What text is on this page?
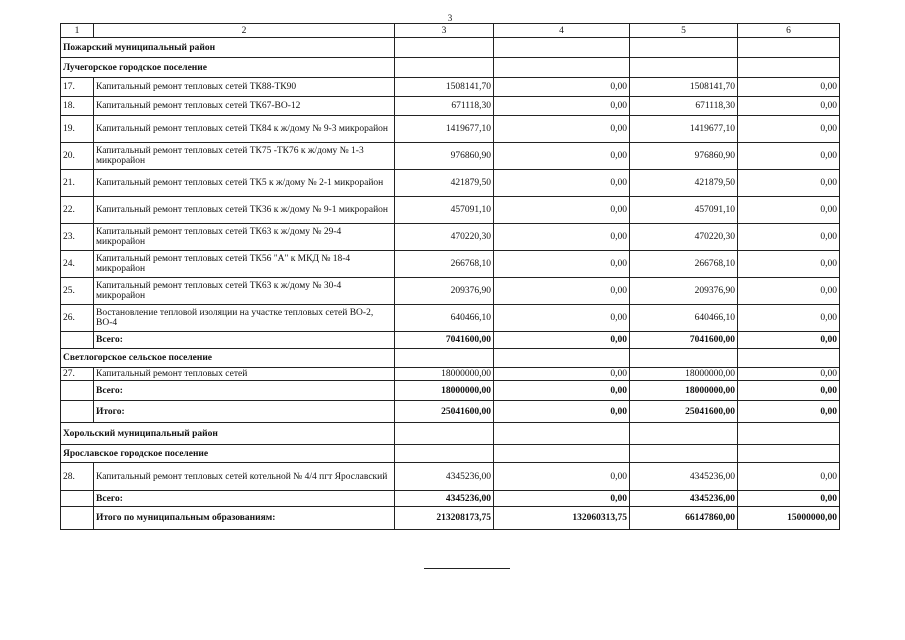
3
1	2	3	4	5	6
Пожарский муниципальный район					
Лучегорское городское поселение					
17.	Капитальный ремонт тепловых сетей ТК88-ТК90	1508141,70	0,00	1508141,70	0,00
18.	Капитальный ремонт тепловых сетей ТК67-ВО-12	671118,30	0,00	671118,30	0,00
19.	Капитальный ремонт тепловых сетей ТК84 к ж/дому № 9-3 микрорайон	1419677,10	0,00	1419677,10	0,00
20.	Капитальный ремонт тепловых сетей ТК75 -ТК76 к ж/дому № 1-3 микрорайон	976860,90	0,00	976860,90	0,00
21.	Капитальный ремонт тепловых сетей ТК5 к ж/дому № 2-1 микрорайон	421879,50	0,00	421879,50	0,00
22.	Капитальный ремонт тепловых сетей ТК36 к ж/дому № 9-1 микрорайон	457091,10	0,00	457091,10	0,00
23.	Капитальный ремонт тепловых сетей ТК63 к ж/дому № 29-4 микрорайон	470220,30	0,00	470220,30	0,00
24.	Капитальный ремонт тепловых сетей ТК56 "А" к МКД № 18-4 микрорайон	266768,10	0,00	266768,10	0,00
25.	Капитальный ремонт тепловых сетей ТК63 к ж/дому № 30-4 микрорайон	209376,90	0,00	209376,90	0,00
26.	Востановление тепловой изоляции на участке тепловых сетей ВО-2, ВО-4	640466,10	0,00	640466,10	0,00
	Всего:	7041600,00	0,00	7041600,00	0,00
Светлогорское сельское поселение					
27.	Капитальный ремонт тепловых сетей	18000000,00	0,00	18000000,00	0,00
	Всего:	18000000,00	0,00	18000000,00	0,00
	Итого:	25041600,00	0,00	25041600,00	0,00
Хорольский муниципальный район					
Ярославское городское поселение					
28.	Капитальный ремонт тепловых сетей котельной № 4/4 пгт Ярославский	4345236,00	0,00	4345236,00	0,00
	Всего:	4345236,00	0,00	4345236,00	0,00
	Итого по муниципальным образованиям:	213208173,75	132060313,75	66147860,00	15000000,00
